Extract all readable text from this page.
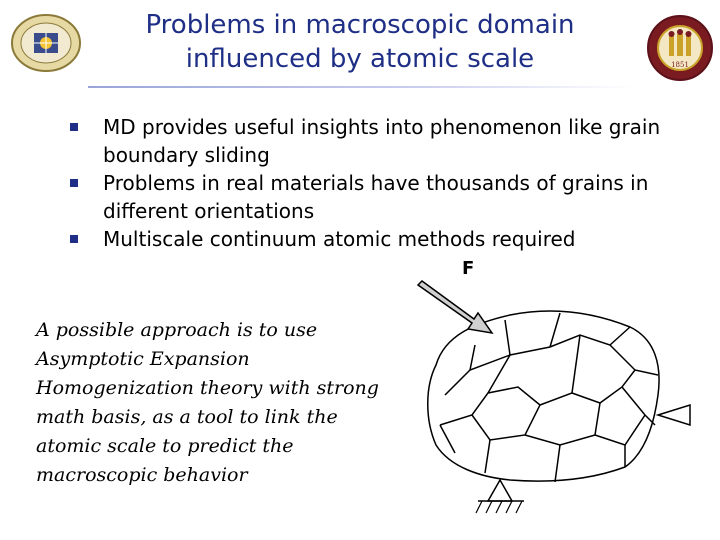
1851
Problems in macroscopic domain
influenced by atomic scale
MD provides useful insights into phenomenon like grain boundary sliding
Problems in real materials have thousands of grains in different orientations
Multiscale continuum atomic methods required
A possible approach is to use Asymptotic Expansion Homogenization theory with strong math basis, as a tool to link the atomic scale to predict the macroscopic behavior
F
